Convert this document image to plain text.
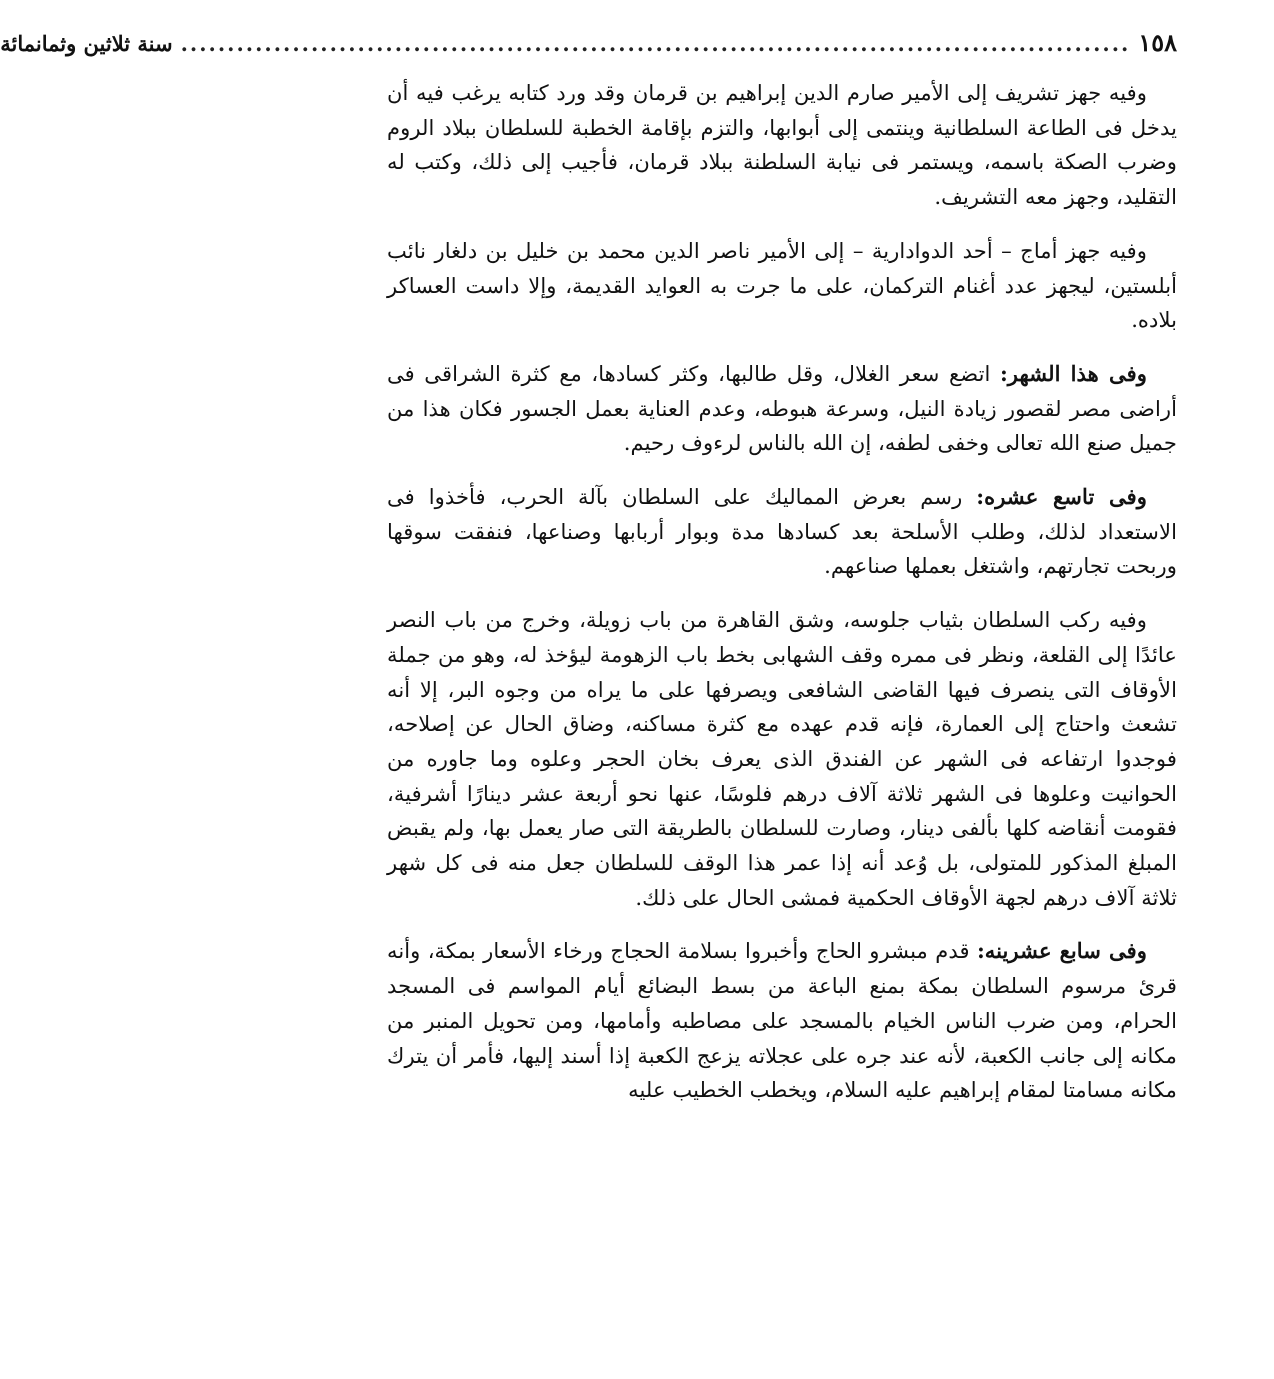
١٥٨
......................................................................................................
سنة ثلاثين وثمانمائة

وفيه جهز تشريف إلى الأمير صارم الدين إبراهيم بن قرمان وقد ورد كتابه يرغب فيه أن يدخل فى الطاعة السلطانية وينتمى إلى أبوابها، والتزم بإقامة الخطبة للسلطان ببلاد الروم وضرب الصكة باسمه، ويستمر فى نيابة السلطنة ببلاد قرمان، فأجيب إلى ذلك، وكتب له التقليد، وجهز معه التشريف.

وفيه جهز أماج – أحد الدوادارية – إلى الأمير ناصر الدين محمد بن خليل بن دلغار نائب أبلستين، ليجهز عدد أغنام التركمان، على ما جرت به العوايد القديمة، وإلا داست العساكر بلاده.

وفى هذا الشهر: اتضع سعر الغلال، وقل طالبها، وكثر كسادها، مع كثرة الشراقى فى أراضى مصر لقصور زيادة النيل، وسرعة هبوطه، وعدم العناية بعمل الجسور فكان هذا من جميل صنع الله تعالى وخفى لطفه، إن الله بالناس لرءوف رحيم.

وفى تاسع عشره: رسم بعرض المماليك على السلطان بآلة الحرب، فأخذوا فى الاستعداد لذلك، وطلب الأسلحة بعد كسادها مدة وبوار أربابها وصناعها، فنفقت سوقها وربحت تجارتهم، واشتغل بعملها صناعهم.

وفيه ركب السلطان بثياب جلوسه، وشق القاهرة من باب زويلة، وخرج من باب النصر عائدًا إلى القلعة، ونظر فى ممره وقف الشهابى بخط باب الزهومة ليؤخذ له، وهو من جملة الأوقاف التى ينصرف فيها القاضى الشافعى ويصرفها على ما يراه من وجوه البر، إلا أنه تشعث واحتاج إلى العمارة، فإنه قدم عهده مع كثرة مساكنه، وضاق الحال عن إصلاحه، فوجدوا ارتفاعه فى الشهر عن الفندق الذى يعرف بخان الحجر وعلوه وما جاوره من الحوانيت وعلوها فى الشهر ثلاثة آلاف درهم فلوسًا، عنها نحو أربعة عشر دينارًا أشرفية، فقومت أنقاضه كلها بألفى دينار، وصارت للسلطان بالطريقة التى صار يعمل بها، ولم يقبض المبلغ المذكور للمتولى، بل وُعد أنه إذا عمر هذا الوقف للسلطان جعل منه فى كل شهر ثلاثة آلاف درهم لجهة الأوقاف الحكمية فمشى الحال على ذلك.

وفى سابع عشرينه: قدم مبشرو الحاج وأخبروا بسلامة الحجاج ورخاء الأسعار بمكة، وأنه قرئ مرسوم السلطان بمكة بمنع الباعة من بسط البضائع أيام المواسم فى المسجد الحرام، ومن ضرب الناس الخيام بالمسجد على مصاطبه وأمامها، ومن تحويل المنبر من مكانه إلى جانب الكعبة، لأنه عند جره على عجلاته يزعج الكعبة إذا أسند إليها، فأمر أن يترك مكانه مسامتا لمقام إبراهيم عليه السلام، ويخطب الخطيب عليه
